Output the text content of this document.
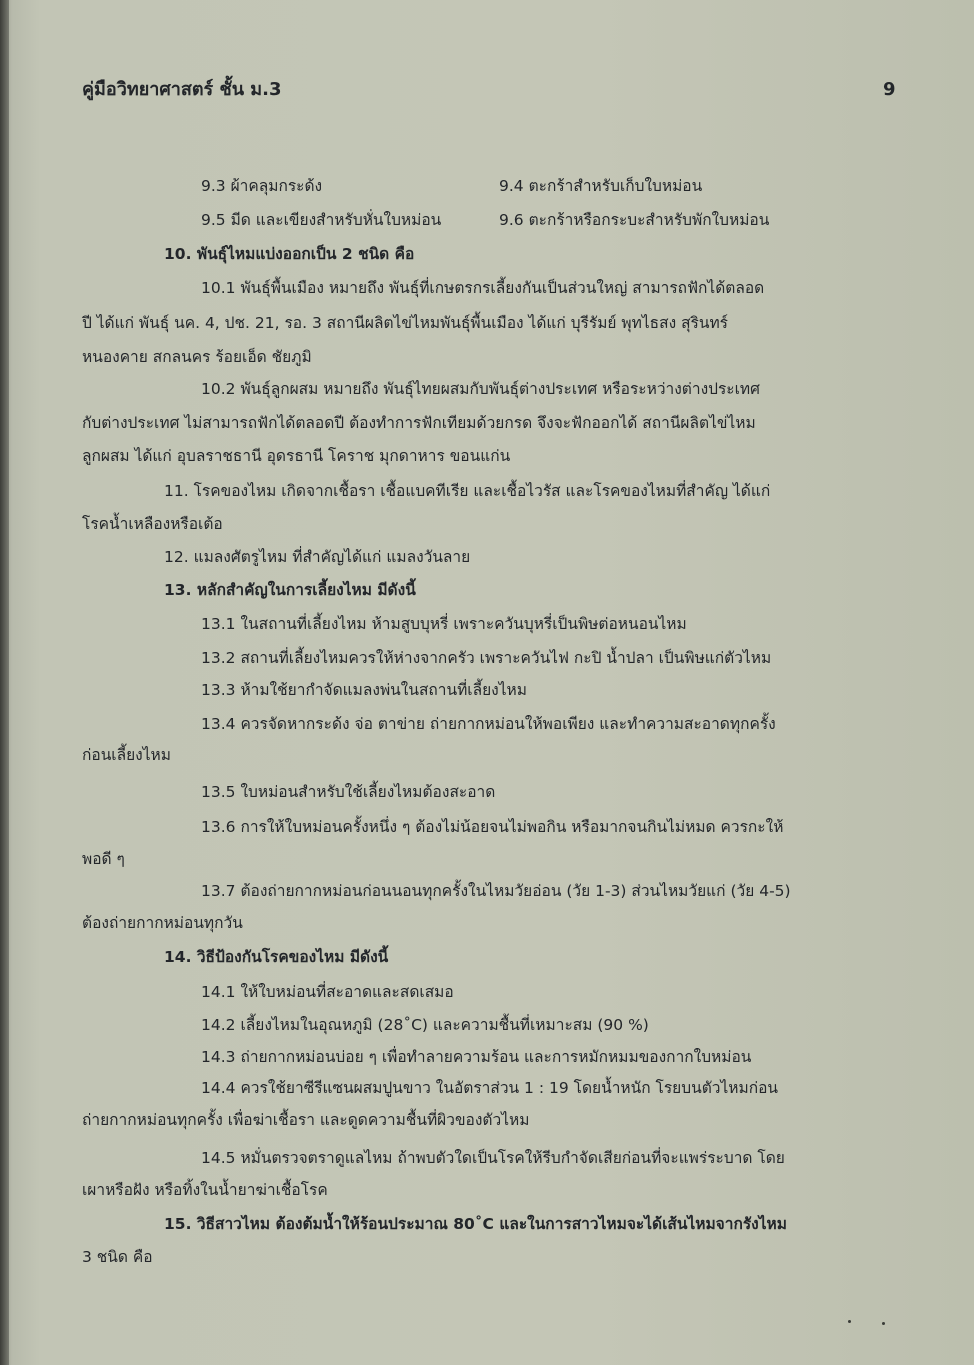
คู่มือวิทยาศาสตร์ ชั้น ม.3	9
9.3 ผ้าคลุมกระด้ง	9.4 ตะกร้าสำหรับเก็บใบหม่อน
9.5 มีด และเขียงสำหรับหั่นใบหม่อน	9.6 ตะกร้าหรือกระบะสำหรับพักใบหม่อน
10. พันธุ์ไหมแบ่งออกเป็น 2 ชนิด คือ
10.1 พันธุ์พื้นเมือง หมายถึง พันธุ์ที่เกษตรกรเลี้ยงกันเป็นส่วนใหญ่ สามารถฟักได้ตลอด
ปี ได้แก่ พันธุ์ นค. 4, ปช. 21, รอ. 3 สถานีผลิตไข่ไหมพันธุ์พื้นเมือง ได้แก่ บุรีรัมย์ พุทไธสง สุรินทร์
หนองคาย สกลนคร ร้อยเอ็ด ชัยภูมิ
10.2 พันธุ์ลูกผสม หมายถึง พันธุ์ไทยผสมกับพันธุ์ต่างประเทศ หรือระหว่างต่างประเทศ
กับต่างประเทศ ไม่สามารถฟักได้ตลอดปี ต้องทำการฟักเทียมด้วยกรด จึงจะฟักออกได้ สถานีผลิตไข่ไหม
ลูกผสม ได้แก่ อุบลราชธานี อุดรธานี โคราช มุกดาหาร ขอนแก่น
11. โรคของไหม เกิดจากเชื้อรา เชื้อแบคทีเรีย และเชื้อไวรัส และโรคของไหมที่สำคัญ ได้แก่
โรคน้ำเหลืองหรือเต้อ
12. แมลงศัตรูไหม ที่สำคัญได้แก่ แมลงวันลาย
13. หลักสำคัญในการเลี้ยงไหม มีดังนี้
13.1 ในสถานที่เลี้ยงไหม ห้ามสูบบุหรี่ เพราะควันบุหรี่เป็นพิษต่อหนอนไหม
13.2 สถานที่เลี้ยงไหมควรให้ห่างจากครัว เพราะควันไฟ กะปิ น้ำปลา เป็นพิษแก่ตัวไหม
13.3 ห้ามใช้ยากำจัดแมลงพ่นในสถานที่เลี้ยงไหม
13.4 ควรจัดหากระด้ง จ่อ ตาข่าย ถ่ายกากหม่อนให้พอเพียง และทำความสะอาดทุกครั้ง
ก่อนเลี้ยงไหม
13.5 ใบหม่อนสำหรับใช้เลี้ยงไหมต้องสะอาด
13.6 การให้ใบหม่อนครั้งหนึ่ง ๆ ต้องไม่น้อยจนไม่พอกิน หรือมากจนกินไม่หมด ควรกะให้
พอดี ๆ
13.7 ต้องถ่ายกากหม่อนก่อนนอนทุกครั้งในไหมวัยอ่อน (วัย 1-3) ส่วนไหมวัยแก่ (วัย 4-5)
ต้องถ่ายกากหม่อนทุกวัน
14. วิธีป้องกันโรคของไหม มีดังนี้
14.1 ให้ใบหม่อนที่สะอาดและสดเสมอ
14.2 เลี้ยงไหมในอุณหภูมิ (28˚C) และความชื้นที่เหมาะสม (90 %)
14.3 ถ่ายกากหม่อนบ่อย ๆ เพื่อทำลายความร้อน และการหมักหมมของกากใบหม่อน
14.4 ควรใช้ยาซีรีแซนผสมปูนขาว ในอัตราส่วน 1 : 19 โดยน้ำหนัก โรยบนตัวไหมก่อน
ถ่ายกากหม่อนทุกครั้ง เพื่อฆ่าเชื้อรา และดูดความชื้นที่ผิวของตัวไหม
14.5 หมั่นตรวจตราดูแลไหม ถ้าพบตัวใดเป็นโรคให้รีบกำจัดเสียก่อนที่จะแพร่ระบาด โดย
เผาหรือฝัง หรือทิ้งในน้ำยาฆ่าเชื้อโรค
15. วิธีสาวไหม ต้องต้มน้ำให้ร้อนประมาณ 80˚C และในการสาวไหมจะได้เส้นไหมจากรังไหม
3 ชนิด คือ
